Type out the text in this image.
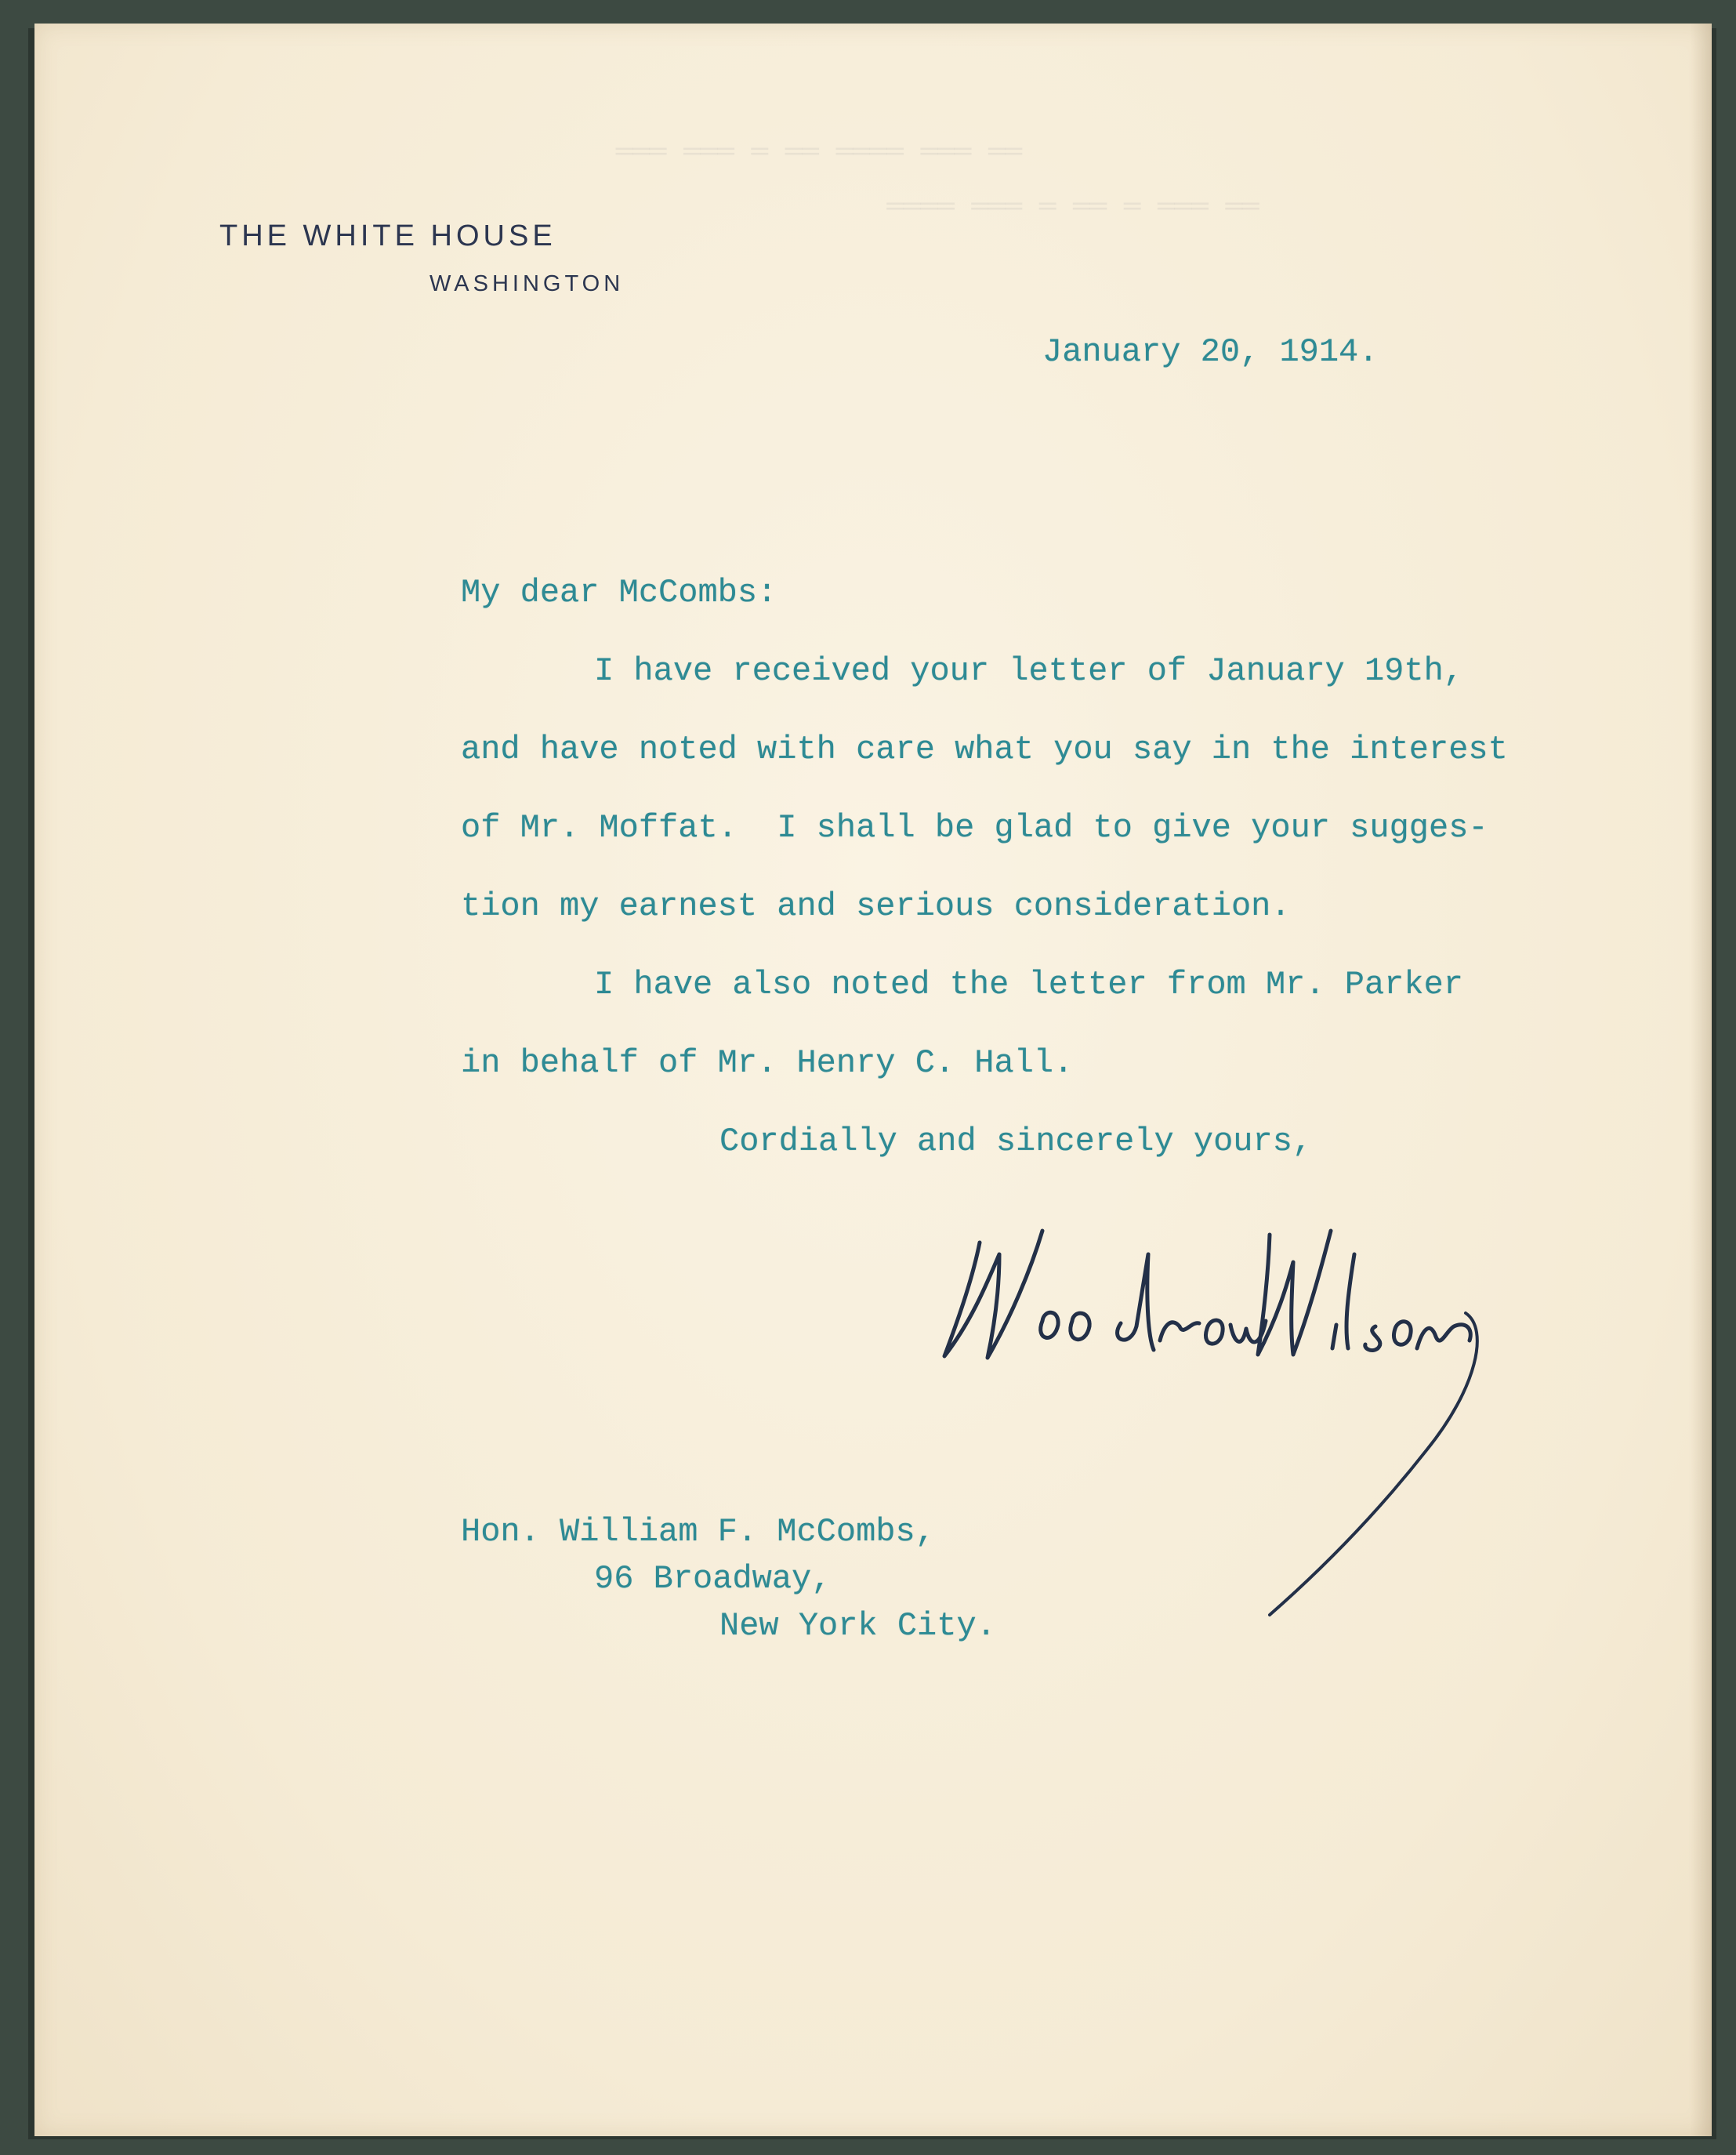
═══ ═══ ═ ══ ════ ═══ ══
════ ═══ ═ ══ ═ ═══ ══
THE WHITE HOUSE
WASHINGTON
January 20, 1914.
My dear McCombs:
I have received your letter of January 19th,
and have noted with care what you say in the interest
of Mr. Moffat.  I shall be glad to give your sugges-
tion my earnest and serious consideration.
I have also noted the letter from Mr. Parker
in behalf of Mr. Henry C. Hall.
Cordially and sincerely yours,
Hon. William F. McCombs,
96 Broadway,
New York City.
